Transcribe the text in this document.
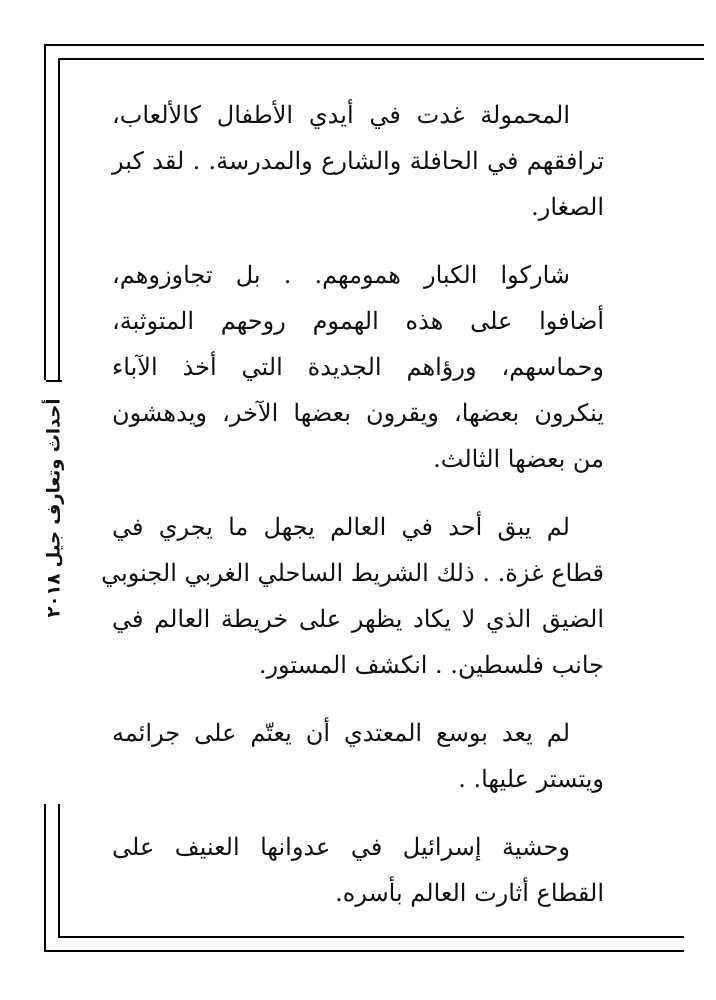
أحداث وتعارف جيل ٢٠١٨
المحمولة غدت في أيدي الأطفال كالألعاب،
ترافقهم في الحافلة والشارع والمدرسة. . لقد كبر
الصغار.
شاركوا الكبار همومهم. . بل تجاوزوهم،
أضافوا على هذه الهموم روحهم المتوثبة،
وحماسهم، ورؤاهم الجديدة التي أخذ الآباء
ينكرون بعضها، ويقرون بعضها الآخر، ويدهشون
من بعضها الثالث.
لم يبق أحد في العالم يجهل ما يجري في
قطاع غزة. . ذلك الشريط الساحلي الغربي الجنوبي
الضيق الذي لا يكاد يظهر على خريطة العالم في
جانب فلسطين. . انكشف المستور.
لم يعد بوسع المعتدي أن يعتّم على جرائمه
ويتستر عليها. .
وحشية إسرائيل في عدوانها العنيف على
القطاع أثارت العالم بأسره.
